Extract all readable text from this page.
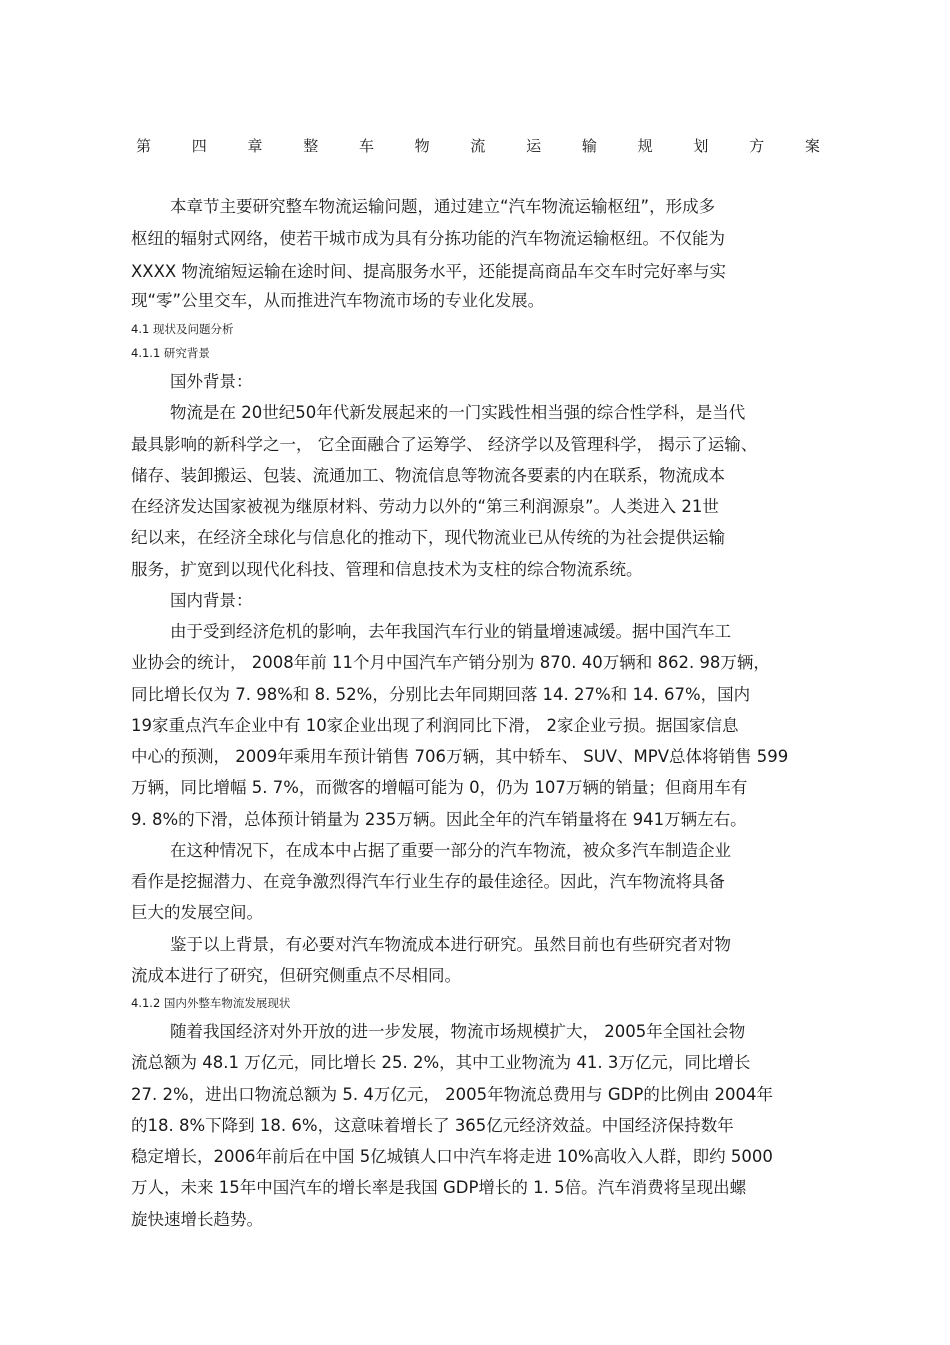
第	四	章	整	车	物	流	运	输	规	划	方	案
本章节主要研究整车物流运输问题，通过建立“汽车物流运输枢纽”，形成多
枢纽的辐射式网络，使若干城市成为具有分拣功能的汽车物流运输枢纽。不仅能为
XXXX 物流缩短运输在途时间、提高服务水平，还能提高商品车交车时完好率与实
现“零”公里交车，从而推进汽车物流市场的专业化发展。
4.1 现状及问题分析
4.1.1 研究背景
国外背景：
物流是在 20世纪50年代新发展起来的一门实践性相当强的综合性学科，是当代
最具影响的新科学之一， 它全面融合了运筹学、 经济学以及管理科学， 揭示了运输、
储存、装卸搬运、包装、流通加工、物流信息等物流各要素的内在联系，物流成本
在经济发达国家被视为继原材料、劳动力以外的“第三利润源泉”。人类进入 21世
纪以来，在经济全球化与信息化的推动下，现代物流业已从传统的为社会提供运输
服务，扩宽到以现代化科技、管理和信息技术为支柱的综合物流系统。
国内背景：
由于受到经济危机的影响，去年我国汽车行业的销量增速减缓。据中国汽车工
业协会的统计， 2008年前 11个月中国汽车产销分别为 870. 40万辆和 862. 98万辆，
同比增长仅为 7. 98%和 8. 52%，分别比去年同期回落 14. 27%和 14. 67%，国内
19家重点汽车企业中有 10家企业出现了利润同比下滑， 2家企业亏损。据国家信息
中心的预测， 2009年乘用车预计销售 706万辆，其中轿车、 SUV、MPV总体将销售 599
万辆，同比增幅 5. 7%，而微客的增幅可能为 0，仍为 107万辆的销量；但商用车有
9. 8%的下滑，总体预计销量为 235万辆。因此全年的汽车销量将在 941万辆左右。
在这种情况下，在成本中占据了重要一部分的汽车物流，被众多汽车制造企业
看作是挖掘潜力、在竞争激烈得汽车行业生存的最佳途径。因此，汽车物流将具备
巨大的发展空间。
鉴于以上背景，有必要对汽车物流成本进行研究。虽然目前也有些研究者对物
流成本进行了研究，但研究侧重点不尽相同。
4.1.2 国内外整车物流发展现状
随着我国经济对外开放的进一步发展，物流市场规模扩大， 2005年全国社会物
流总额为 48.1 万亿元，同比增长 25. 2%，其中工业物流为 41. 3万亿元，同比增长
27. 2%，进出口物流总额为 5. 4万亿元， 2005年物流总费用与 GDP的比例由 2004年
的18. 8%下降到 18. 6%，这意味着增长了 365亿元经济效益。中国经济保持数年
稳定增长，2006年前后在中国 5亿城镇人口中汽车将走进 10%高收入人群，即约 5000
万人，未来 15年中国汽车的增长率是我国 GDP增长的 1. 5倍。汽车消费将呈现出螺
旋快速增长趋势。
